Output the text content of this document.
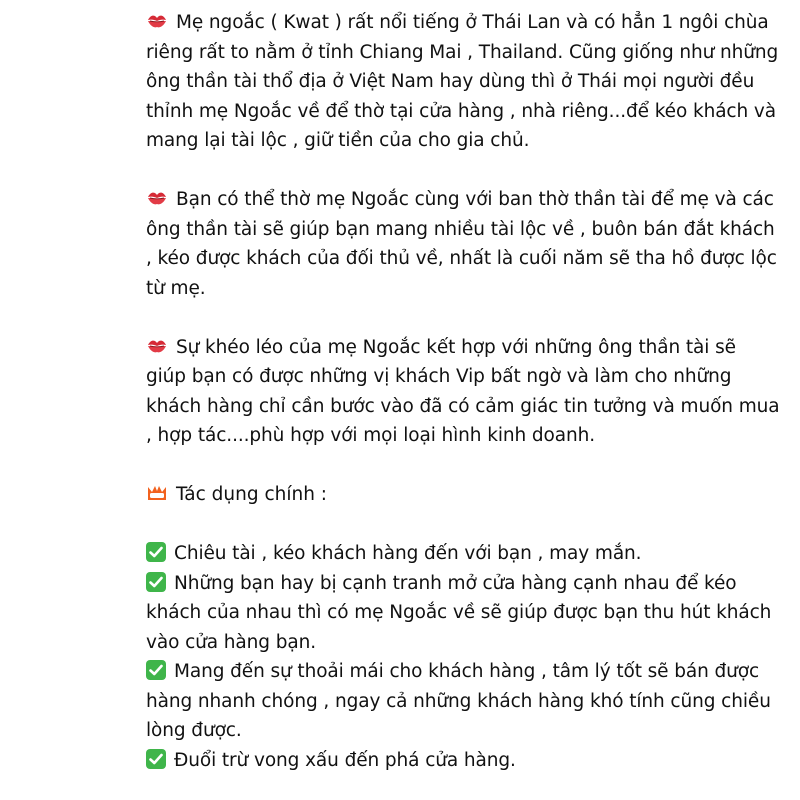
Mẹ ngoắc ( Kwat ) rất nổi tiếng ở Thái Lan và có hẳn 1 ngôi chùa riêng rất to nằm ở tỉnh Chiang Mai , Thailand. Cũng giống như những ông thần tài thổ địa ở Việt Nam hay dùng thì ở Thái mọi người đều thỉnh mẹ Ngoắc về để thờ tại cửa hàng , nhà riêng...để kéo khách và mang lại tài lộc , giữ tiền của cho gia chủ.

Bạn có thể thờ mẹ Ngoắc cùng với ban thờ thần tài để mẹ và các ông thần tài sẽ giúp bạn mang nhiều tài lộc về , buôn bán đắt khách , kéo được khách của đối thủ về, nhất là cuối năm sẽ tha hồ được lộc từ mẹ.

Sự khéo léo của mẹ Ngoắc kết hợp với những ông thần tài sẽ giúp bạn có được những vị khách Vip bất ngờ và làm cho những khách hàng chỉ cần bước vào đã có cảm giác tin tưởng và muốn mua , hợp tác....phù hợp với mọi loại hình kinh doanh.

Tác dụng chính :

Chiêu tài , kéo khách hàng đến với bạn , may mắn.

Những bạn hay bị cạnh tranh mở cửa hàng cạnh nhau để kéo khách của nhau thì có mẹ Ngoắc về sẽ giúp được bạn thu hút khách vào cửa hàng bạn.

Mang đến sự thoải mái cho khách hàng , tâm lý tốt sẽ bán được hàng nhanh chóng , ngay cả những khách hàng khó tính cũng chiều lòng được.

Đuổi trừ vong xấu đến phá cửa hàng.
